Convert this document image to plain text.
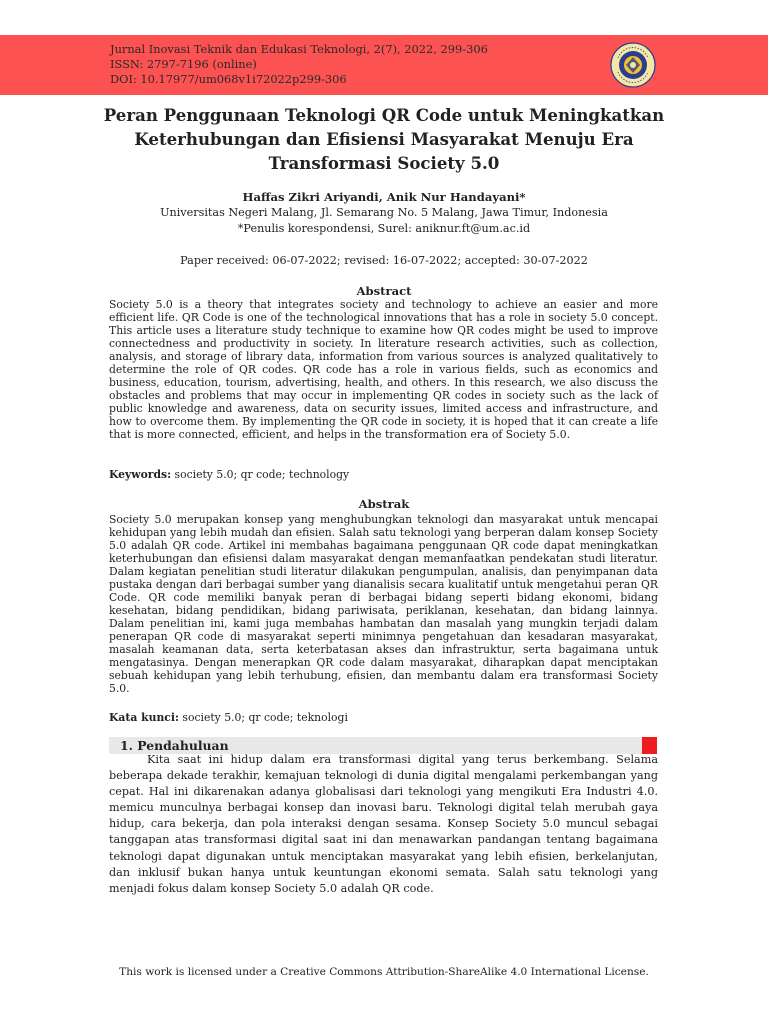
Jurnal Inovasi Teknik dan Edukasi Teknologi, 2(7), 2022, 299-306
ISSN: 2797-7196 (online)
DOI: 10.17977/um068v1i72022p299-306
Peran Penggunaan Teknologi QR Code untuk Meningkatkan Keterhubungan dan Efisiensi Masyarakat Menuju Era Transformasi Society 5.0
Haffas Zikri Ariyandi, Anik Nur Handayani*
Universitas Negeri Malang, Jl. Semarang No. 5 Malang, Jawa Timur, Indonesia
*Penulis korespondensi, Surel: aniknur.ft@um.ac.id
Paper received: 06-07-2022; revised: 16-07-2022; accepted: 30-07-2022
Abstract
Society 5.0 is a theory that integrates society and technology to achieve an easier and more efficient life. QR Code is one of the technological innovations that has a role in society 5.0 concept. This article uses a literature study technique to examine how QR codes might be used to improve connectedness and productivity in society. In literature research activities, such as collection, analysis, and storage of library data, information from various sources is analyzed qualitatively to determine the role of QR codes. QR code has a role in various fields, such as economics and business, education, tourism, advertising, health, and others. In this research, we also discuss the obstacles and problems that may occur in implementing QR codes in society such as the lack of public knowledge and awareness, data on security issues, limited access and infrastructure, and how to overcome them. By implementing the QR code in society, it is hoped that it can create a life that is more connected, efficient, and helps in the transformation era of Society 5.0.
Keywords: society 5.0; qr code; technology
Abstrak
Society 5.0 merupakan konsep yang menghubungkan teknologi dan masyarakat untuk mencapai kehidupan yang lebih mudah dan efisien. Salah satu teknologi yang berperan dalam konsep Society 5.0 adalah QR code. Artikel ini membahas bagaimana penggunaan QR code dapat meningkatkan keterhubungan dan efisiensi dalam masyarakat dengan memanfaatkan pendekatan studi literatur. Dalam kegiatan penelitian studi literatur dilakukan pengumpulan, analisis, dan penyimpanan data pustaka dengan dari berbagai sumber yang dianalisis secara kualitatif untuk mengetahui peran QR Code. QR code memiliki banyak peran di berbagai bidang seperti bidang ekonomi, bidang kesehatan, bidang pendidikan, bidang pariwisata, periklanan, kesehatan, dan bidang lainnya. Dalam penelitian ini, kami juga membahas hambatan dan masalah yang mungkin terjadi dalam penerapan QR code di masyarakat seperti minimnya pengetahuan dan kesadaran masyarakat, masalah keamanan data, serta keterbatasan akses dan infrastruktur, serta bagaimana untuk mengatasinya. Dengan menerapkan QR code dalam masyarakat, diharapkan dapat menciptakan sebuah kehidupan yang lebih terhubung, efisien, dan membantu dalam era transformasi Society 5.0.
Kata kunci: society 5.0; qr code; teknologi
1. Pendahuluan
Kita saat ini hidup dalam era transformasi digital yang terus berkembang. Selama beberapa dekade terakhir, kemajuan teknologi di dunia digital mengalami perkembangan yang cepat. Hal ini dikarenakan adanya globalisasi dari teknologi yang mengikuti Era Industri 4.0. memicu munculnya berbagai konsep dan inovasi baru. Teknologi digital telah merubah gaya hidup, cara bekerja, dan pola interaksi dengan sesama. Konsep Society 5.0 muncul sebagai tanggapan atas transformasi digital saat ini dan menawarkan pandangan tentang bagaimana teknologi dapat digunakan untuk menciptakan masyarakat yang lebih efisien, berkelanjutan, dan inklusif bukan hanya untuk keuntungan ekonomi semata. Salah satu teknologi yang menjadi fokus dalam konsep Society 5.0 adalah QR code.
This work is licensed under a Creative Commons Attribution-ShareAlike 4.0 International License.
